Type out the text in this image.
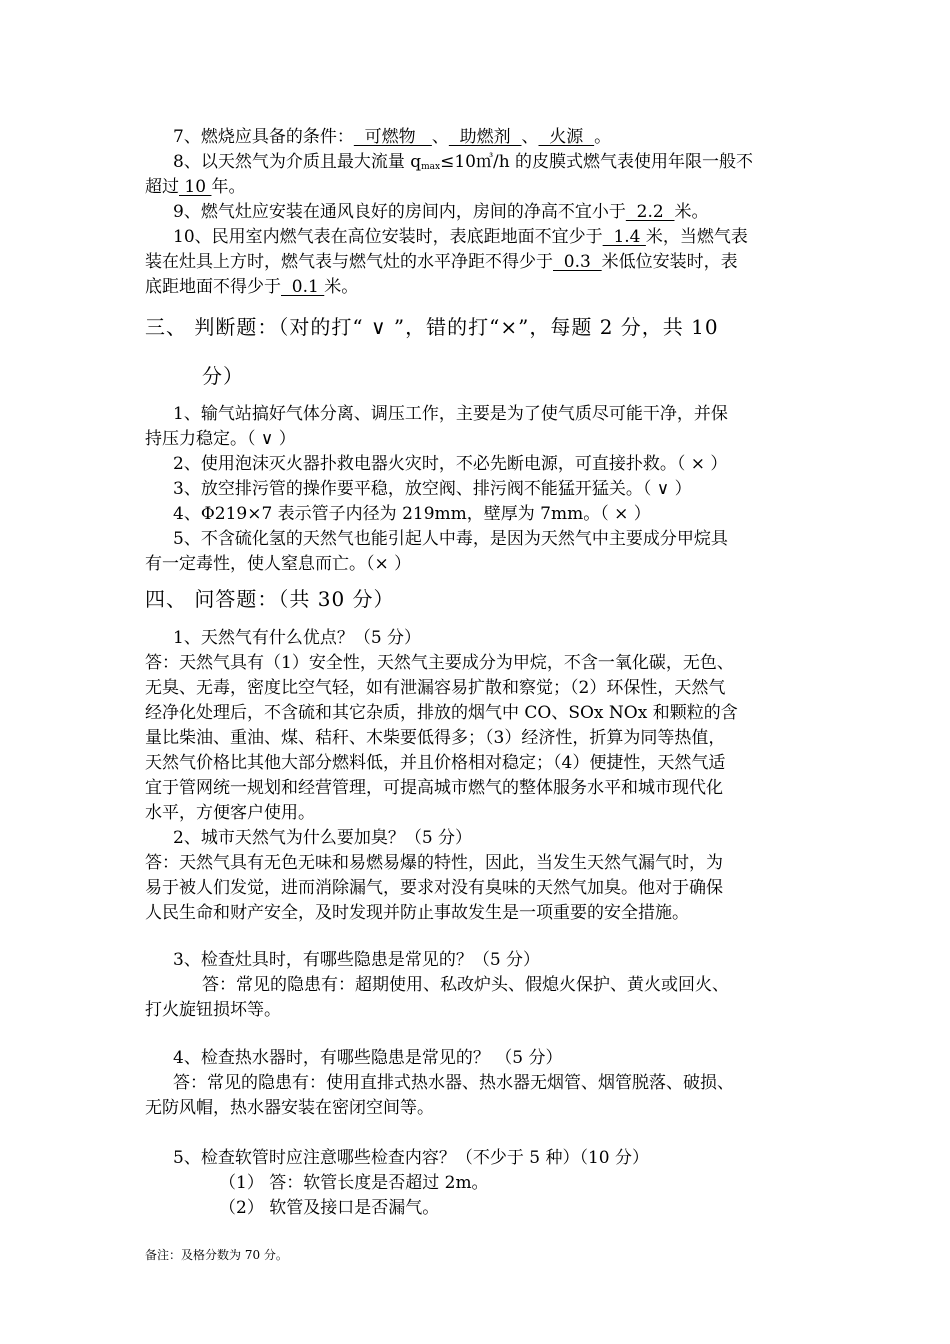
7、燃烧应具备的条件：  可燃物   、  助燃剂  、  火源  。
8、以天然气为介质且最大流量 $q_{max}\le 10㎥/h$ 的皮膜式燃气表使用年限一般不
超过 10 年。
9、燃气灶应安装在通风良好的房间内，房间的净高不宜小于  2.2  米。
10、民用室内燃气表在高位安装时，表底距地面不宜少于  1.4 米，当燃气表
装在灶具上方时，燃气表与燃气灶的水平净距不得少于  0.3  米低位安装时，表
底距地面不得少于  0.1 米。
三、 判断题：（对的打“ ∨ ”，错的打“×”，每题 2 分，共 10
分）
1、输气站搞好气体分离、调压工作，主要是为了使气质尽可能干净，并保
持压力稳定。（ ∨ ）
2、使用泡沫灭火器扑救电器火灾时，不必先断电源，可直接扑救。（ × ）
3、放空排污管的操作要平稳，放空阀、排污阀不能猛开猛关。（ ∨ ）
4、Φ219×7 表示管子内径为 219mm，壁厚为 7mm。（ × ）
5、不含硫化氢的天然气也能引起人中毒，是因为天然气中主要成分甲烷具
有一定毒性，使人窒息而亡。（× ）
四、 问答题：（共 30 分）
1、天然气有什么优点？（5 分）
答：天然气具有（1）安全性，天然气主要成分为甲烷，不含一氧化碳，无色、
无臭、无毒，密度比空气轻，如有泄漏容易扩散和察觉；（2）环保性，天然气
经净化处理后，不含硫和其它杂质，排放的烟气中 CO、SOx NOx 和颗粒的含
量比柴油、重油、煤、秸秆、木柴要低得多；（3）经济性，折算为同等热值，
天然气价格比其他大部分燃料低，并且价格相对稳定；（4）便捷性，天然气适
宜于管网统一规划和经营管理，可提高城市燃气的整体服务水平和城市现代化
水平，方便客户使用。
2、城市天然气为什么要加臭？（5 分）
答：天然气具有无色无味和易燃易爆的特性，因此，当发生天然气漏气时，为
易于被人们发觉，进而消除漏气，要求对没有臭味的天然气加臭。他对于确保
人民生命和财产安全，及时发现并防止事故发生是一项重要的安全措施。
3、检查灶具时，有哪些隐患是常见的？（5 分）
答：常见的隐患有：超期使用、私改炉头、假熄火保护、黄火或回火、
打火旋钮损坏等。
4、检查热水器时，有哪些隐患是常见的？ （5 分）
答：常见的隐患有：使用直排式热水器、热水器无烟管、烟管脱落、破损、
无防风帽，热水器安装在密闭空间等。
5、检查软管时应注意哪些检查内容？（不少于 5 种）（10 分）
（1） 答：软管长度是否超过 2m。
（2） 软管及接口是否漏气。
备注：及格分数为 70 分。
